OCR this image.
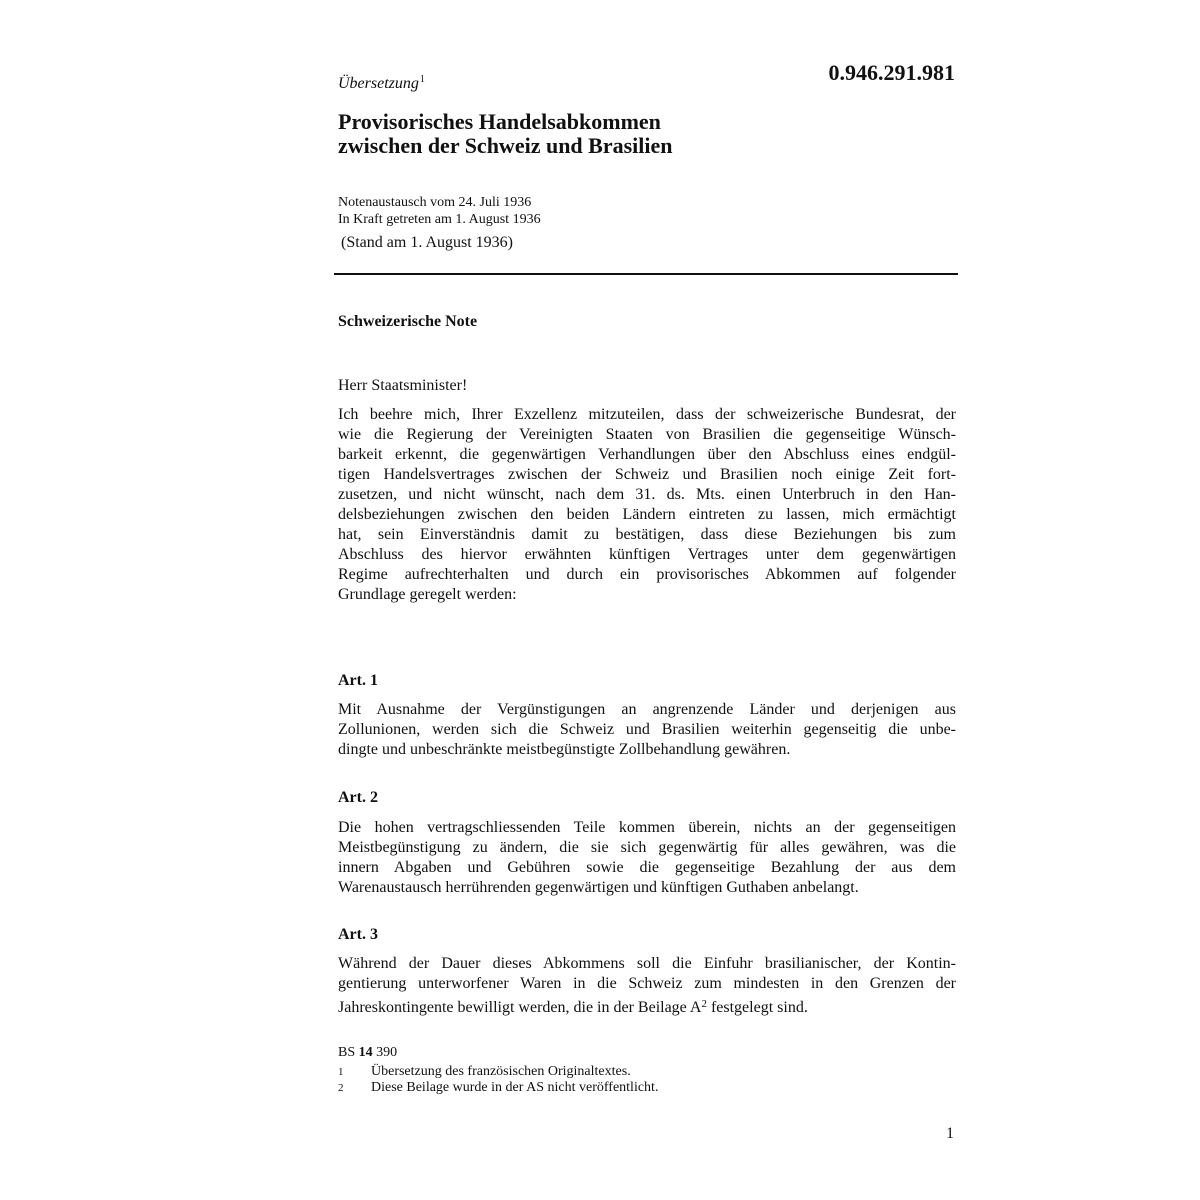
Übersetzung$^1$	0.946.291.981
Provisorisches Handelsabkommen
zwischen der Schweiz und Brasilien
Notenaustausch vom 24. Juli 1936
In Kraft getreten am 1. August 1936
(Stand am 1. August 1936)
Schweizerische Note
Herr Staatsminister!
Ich beehre mich, Ihrer Exzellenz mitzuteilen, dass der schweizerische Bundesrat, der
wie die Regierung der Vereinigten Staaten von Brasilien die gegenseitige Wünsch-
barkeit erkennt, die gegenwärtigen Verhandlungen über den Abschluss eines endgül-
tigen Handelsvertrages zwischen der Schweiz und Brasilien noch einige Zeit fort-
zusetzen, und nicht wünscht, nach dem 31. ds. Mts. einen Unterbruch in den Han-
delsbeziehungen zwischen den beiden Ländern eintreten zu lassen, mich ermächtigt
hat, sein Einverständnis damit zu bestätigen, dass diese Beziehungen bis zum
Abschluss des hiervor erwähnten künftigen Vertrages unter dem gegenwärtigen
Regime aufrechterhalten und durch ein provisorisches Abkommen auf folgender
Grundlage geregelt werden:
Art. 1
Mit Ausnahme der Vergünstigungen an angrenzende Länder und derjenigen aus
Zollunionen, werden sich die Schweiz und Brasilien weiterhin gegenseitig die unbe-
dingte und unbeschränkte meistbegünstigte Zollbehandlung gewähren.
Art. 2
Die hohen vertragschliessenden Teile kommen überein, nichts an der gegenseitigen
Meistbegünstigung zu ändern, die sie sich gegenwärtig für alles gewähren, was die
innern Abgaben und Gebühren sowie die gegenseitige Bezahlung der aus dem
Warenaustausch herrührenden gegenwärtigen und künftigen Guthaben anbelangt.
Art. 3
Während der Dauer dieses Abkommens soll die Einfuhr brasilianischer, der Kontin-
gentierung unterworfener Waren in die Schweiz zum mindesten in den Grenzen der
Jahreskontingente bewilligt werden, die in der Beilage $A^2$ festgelegt sind.
BS 14 390
1	Übersetzung des französischen Originaltextes.
2	Diese Beilage wurde in der AS nicht veröffentlicht.
1
